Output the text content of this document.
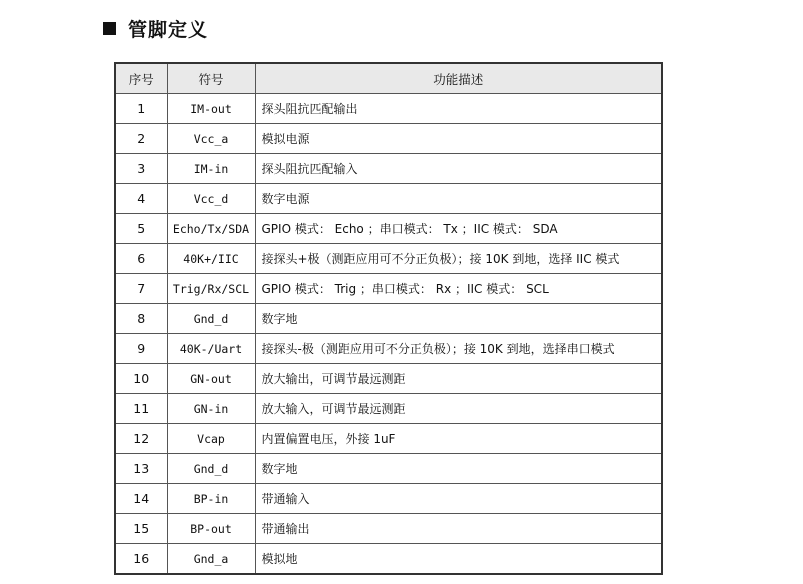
管脚定义
序号	符号	功能描述
1	IM-out	探头阻抗匹配输出
2	Vcc_a	模拟电源
3	IM-in	探头阻抗匹配输入
4	Vcc_d	数字电源
5	Echo/Tx/SDA	GPIO 模式： Echo ；串口模式： Tx ；IIC 模式： SDA
6	40K+/IIC	接探头+极（测距应用可不分正负极）；接 10K 到地，选择 IIC 模式
7	Trig/Rx/SCL	GPIO 模式： Trig ；串口模式： Rx ；IIC 模式： SCL
8	Gnd_d	数字地
9	40K-/Uart	接探头-极（测距应用可不分正负极）；接 10K 到地，选择串口模式
10	GN-out	放大输出，可调节最远测距
11	GN-in	放大输入，可调节最远测距
12	Vcap	内置偏置电压，外接 1uF
13	Gnd_d	数字地
14	BP-in	带通输入
15	BP-out	带通输出
16	Gnd_a	模拟地
